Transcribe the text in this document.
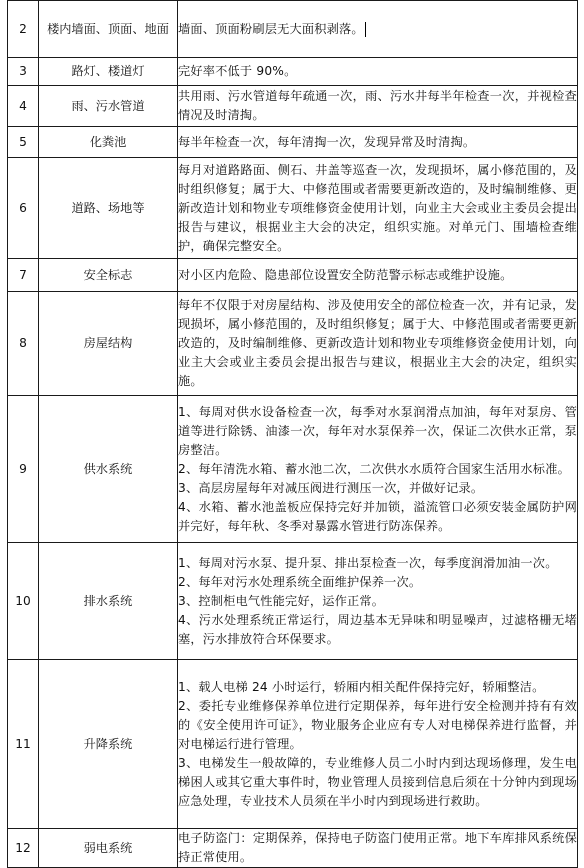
2	楼内墙面、顶面、地面	墙面、顶面粉刷层无大面积剥落。
3	路灯、楼道灯	完好率不低于 90%。
4	雨、污水管道	共用雨、污水管道每年疏通一次，雨、污水井每半年检查一次，并视检查情况及时清掏。
5	化粪池	每半年检查一次，每年清掏一次，发现异常及时清掏。
6	道路、场地等	每月对道路路面、侧石、井盖等巡查一次，发现损坏，属小修范围的，及时组织修复；属于大、中修范围或者需要更新改造的，及时编制维修、更新改造计划和物业专项维修资金使用计划，向业主大会或业主委员会提出报告与建议，根据业主大会的决定，组织实施。对单元门、围墙检查维护，确保完整安全。
7	安全标志	对小区内危险、隐患部位设置安全防范警示标志或维护设施。
8	房屋结构	每年不仅限于对房屋结构、涉及使用安全的部位检查一次，并有记录，发现损坏，属小修范围的，及时组织修复；属于大、中修范围或者需要更新改造的，及时编制维修、更新改造计划和物业专项维修资金使用计划，向业主大会或业主委员会提出报告与建议，根据业主大会的决定，组织实施。
9	供水系统	1、每周对供水设备检查一次，每季对水泵润滑点加油，每年对泵房、管道等进行除锈、油漆一次，每年对水泵保养一次，保证二次供水正常，泵房整洁。
2、每年清洗水箱、蓄水池二次，二次供水水质符合国家生活用水标准。
3、高层房屋每年对减压阀进行测压一次，并做好记录。
4、水箱、蓄水池盖板应保持完好并加锁，溢流管口必须安装金属防护网并完好，每年秋、冬季对暴露水管进行防冻保养。

10	排水系统	1、每周对污水泵、提升泵、排出泵检查一次，每季度润滑加油一次。
2、每年对污水处理系统全面维护保养一次。
3、控制柜电气性能完好，运作正常。
4、污水处理系统正常运行，周边基本无异味和明显噪声，过滤格栅无堵塞，污水排放符合环保要求。

11	升降系统	1、载人电梯 24 小时运行，轿厢内相关配件保持完好，轿厢整洁。
2、委托专业维修保养单位进行定期保养，每年进行安全检测并持有有效的《安全使用许可证》，物业服务企业应有专人对电梯保养进行监督，并对电梯运行进行管理。
3、电梯发生一般故障的，专业维修人员二小时内到达现场修理，发生电梯困人或其它重大事件时，物业管理人员接到信息后须在十分钟内到现场应急处理，专业技术人员须在半小时内到现场进行救助。

12	弱电系统	电子防盗门：定期保养，保持电子防盗门使用正常。地下车库排风系统保持正常使用。
